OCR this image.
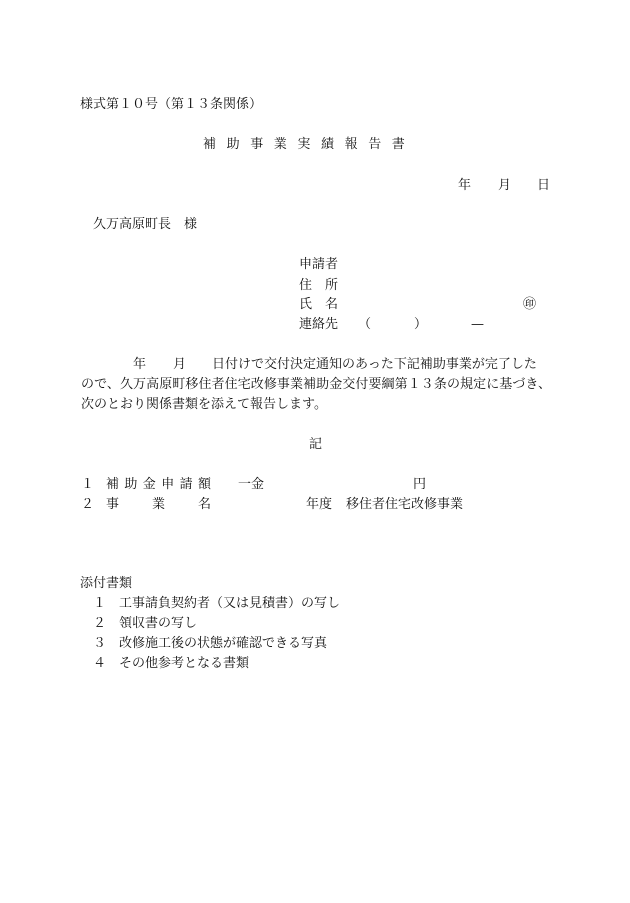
様式第１０号（第１３条関係）
補助事業実績報告書
年 月 日
久万高原町長　様
申請者
住　所
氏　名	㊞
連絡先 （	）	—
年 月 日付けで交付決定通知のあった下記補助事業が完了した
ので、久万高原町移住者住宅改修事業補助金交付要綱第１３条の規定に基づき、
次のとおり関係書類を添えて報告します。
記
１ 補助金申請額 一金	円
２ 事業名	年度 移住者住宅改修事業
添付書類
１ 工事請負契約者（又は見積書）の写し
２ 領収書の写し
３ 改修施工後の状態が確認できる写真
４ その他参考となる書類
